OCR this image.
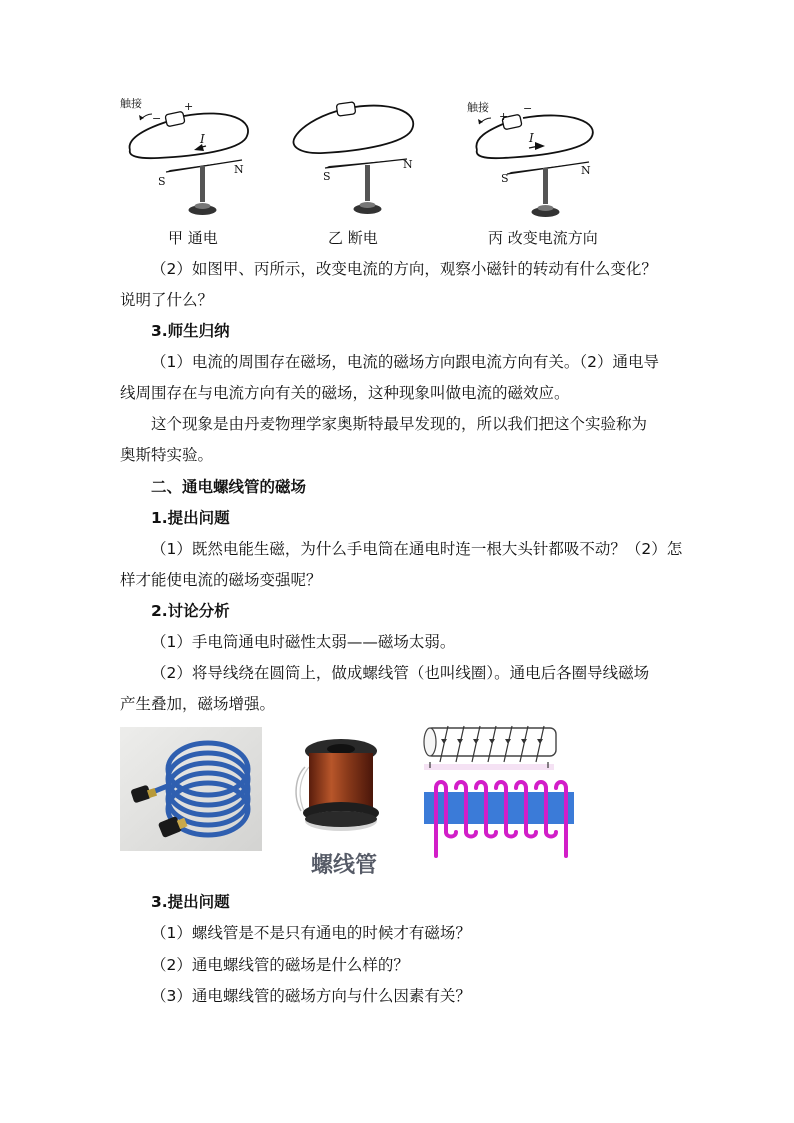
触接
−
+
I
S
N
甲 通电
S
N
乙 断电
触接
+
−
I
S
N
丙 改变电流方向
（2）如图甲、丙所示，改变电流的方向，观察小磁针的转动有什么变化？
说明了什么？
3.师生归纳
（1）电流的周围存在磁场，电流的磁场方向跟电流方向有关。（2）通电导
线周围存在与电流方向有关的磁场，这种现象叫做电流的磁效应。
这个现象是由丹麦物理学家奥斯特最早发现的，所以我们把这个实验称为
奥斯特实验。
二、通电螺线管的磁场
1.提出问题
（1）既然电能生磁，为什么手电筒在通电时连一根大头针都吸不动？（2）怎
样才能使电流的磁场变强呢？
2.讨论分析
（1）手电筒通电时磁性太弱——磁场太弱。
（2）将导线绕在圆筒上，做成螺线管（也叫线圈）。通电后各圈导线磁场
产生叠加，磁场增强。
螺线管
3.提出问题
（1）螺线管是不是只有通电的时候才有磁场？
（2）通电螺线管的磁场是什么样的？
（3）通电螺线管的磁场方向与什么因素有关？
